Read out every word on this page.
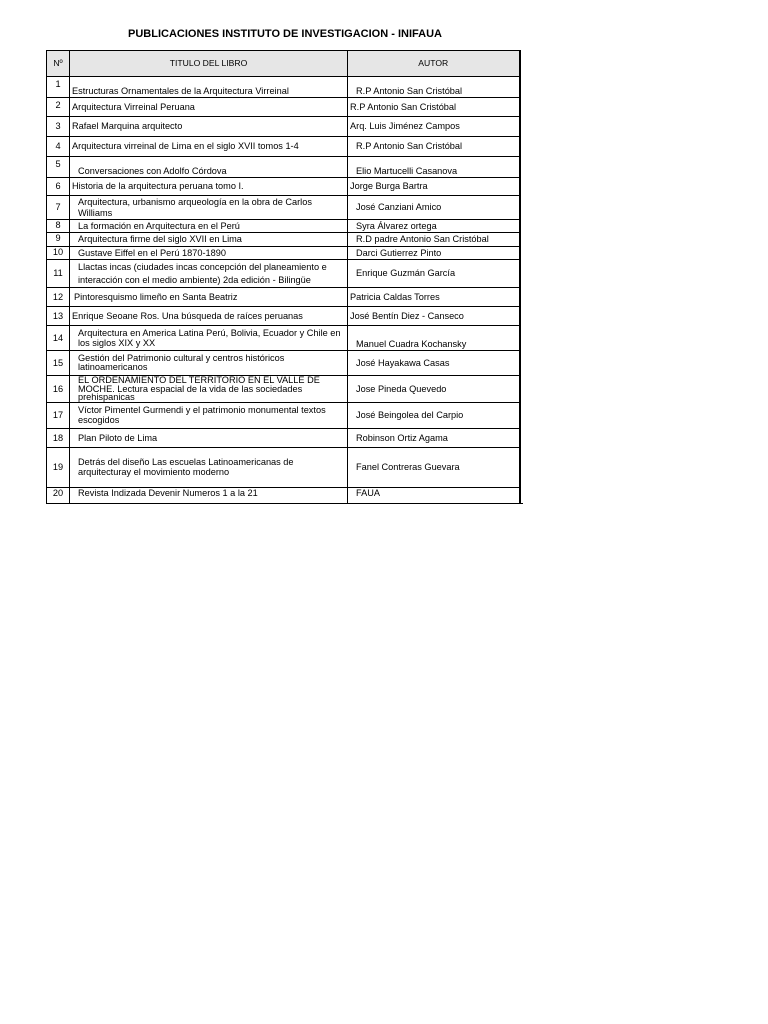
PUBLICACIONES INSTITUTO DE INVESTIGACION - INIFAUA
Nº	TITULO DEL LIBRO	AUTOR	
1	Estructuras Ornamentales de la Arquitectura Virreinal	R.P Antonio San Cristóbal	
2	Arquitectura Virreinal Peruana	R.P Antonio San Cristóbal	
3	Rafael Marquina arquitecto	Arq. Luis Jiménez Campos	
4	Arquitectura virreinal de Lima en el siglo XVII tomos 1-4	R.P Antonio San Cristóbal	
5	Conversaciones con Adolfo Córdova	Elio Martucelli Casanova	
6	Historia de la arquitectura peruana tomo I.	Jorge Burga Bartra	
7	Arquitectura, urbanismo arqueología en la obra de Carlos Williams	José Canziani Amico	
8	La formación en Arquitectura en el Perú	Syra Álvarez ortega	
9	Arquitectura firme del siglo XVII en Lima	R.D padre Antonio San Cristóbal	
10	Gustave Eiffel en el Perú 1870-1890	Darci Gutierrez Pinto	
11	Llactas incas (ciudades incas concepción del planeamiento e interacción con el medio ambiente) 2da edición - Bilingüe	Enrique Guzmán García	
12	Pintoresquismo limeño en Santa Beatriz	Patricia Caldas Torres	
13	Enrique Seoane Ros. Una búsqueda de raíces peruanas	José Bentín Diez - Canseco	
14	Arquitectura en America Latina Perú, Bolivia, Ecuador y Chile en los siglos XIX y XX	Manuel Cuadra Kochansky	
15	Gestión del Patrimonio cultural y centros históricos latinoamericanos	José Hayakawa Casas	
16	EL ORDENAMIENTO DEL TERRITORIO EN EL VALLE DE MOCHE. Lectura espacial de la vida de las sociedades prehispanicas	Jose Pineda Quevedo	
17	Víctor Pimentel Gurmendi y el patrimonio monumental textos escogidos	José Beingolea del Carpio	
18	Plan Piloto de Lima	Robinson Ortiz Agama	
19	Detrás del diseño Las escuelas Latinoamericanas de arquitecturay el movimiento moderno	Fanel Contreras Guevara	
20	Revista Indizada Devenir Numeros 1 a la 21	FAUA	
